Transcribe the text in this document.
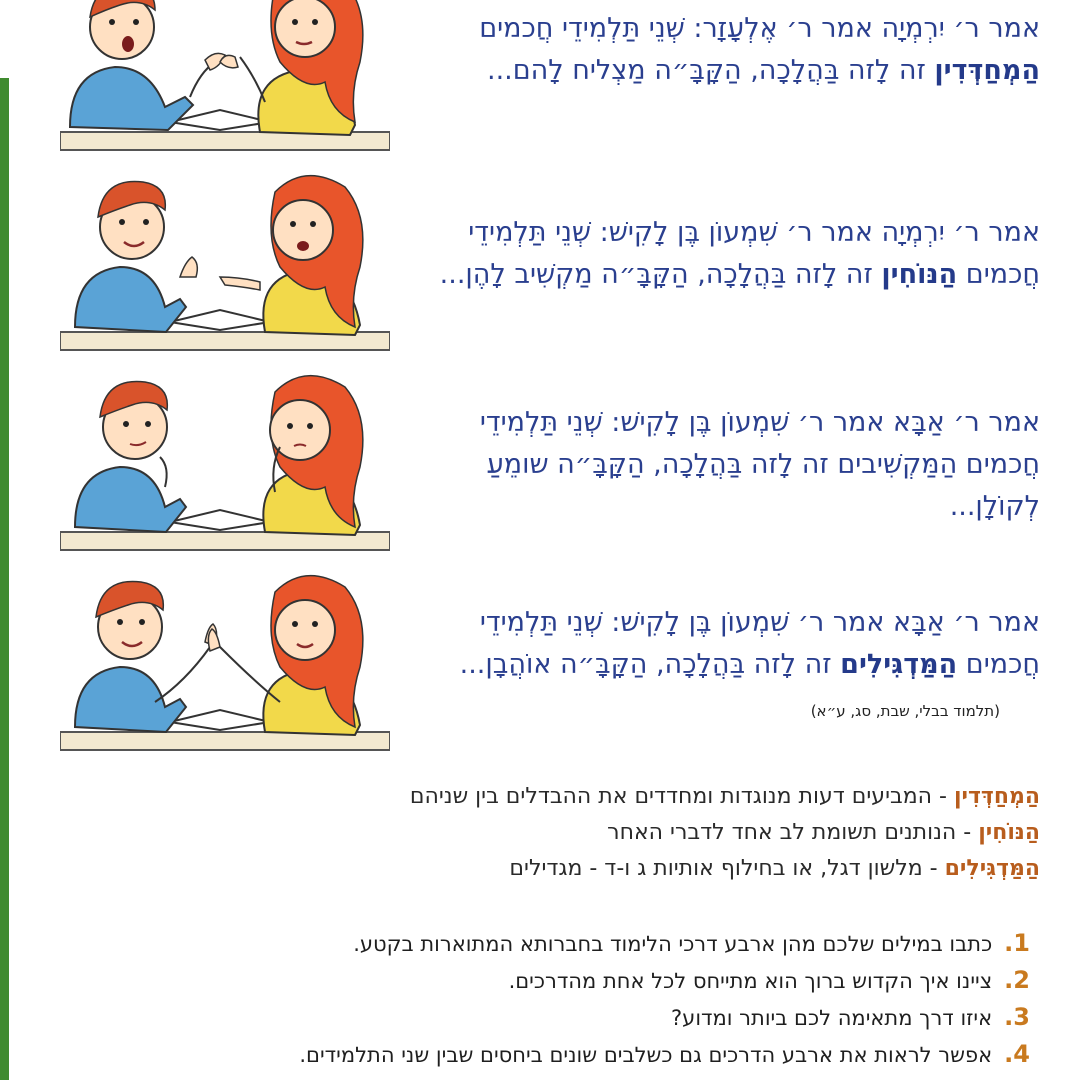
אמר ר׳ יִרְמְיָה אמר ר׳ אֶלְעָזָר: שְׁנֵי תַּלְמִידֵי חֲכמים
הַמְחַדְּדִין זה לָזה בַּהֲלָכָה, הַקָּבָּ״ה מַצְליח לָהם...
אמר ר׳ יִרְמְיָה אמר ר׳ שִׁמְעוֹן בֶּן לָקִישׁ: שְׁנֵי תַּלְמִידֵי
חֲכמים הַנּוֹחִין זה לָזה בַּהֲלָכָה, הַקָּבָּ״ה מַקְשִׁיב לָהֶן...
אמר ר׳ אַבָּא אמר ר׳ שִׁמְעוֹן בֶּן לָקִישׁ: שְׁנֵי תַּלְמִידֵי
חֲכמים הַמַּקְשִׁיבים זה לָזה בַּהֲלָכָה, הַקָּבָּ״ה שומֵעַ
לְקוֹלָן...
אמר ר׳ אַבָּא אמר ר׳ שִׁמְעוֹן בֶּן לָקִישׁ: שְׁנֵי תַּלְמִידֵי
חֲכמים הַמַּדְגִּילִים זה לָזה בַּהֲלָכָה, הַקָּבָּ״ה אוֹהֲבָן...
(תלמוד בבלי, שבת, סג, ע״א)
הַמְחַדְּדִין - המביעים דעות מנוגדות ומחדדים את ההבדלים בין שניהם
הַנּוֹחִין - הנותנים תשומת לב אחד לדברי האחר
הַמַּדְגִּילִים - מלשון דגל, או בחילוף אותיות ג ו-ד - מגדילים
1.כתבו במילים שלכם מהן ארבע דרכי הלימוד בחברותא המתוארות בקטע.
2.ציינו איך הקדוש ברוך הוא מתייחס לכל אחת מהדרכים.
3.איזו דרך מתאימה לכם ביותר ומדוע?
4.אפשר לראות את ארבע הדרכים גם כשלבים שונים ביחסים שבין שני התלמידים.
